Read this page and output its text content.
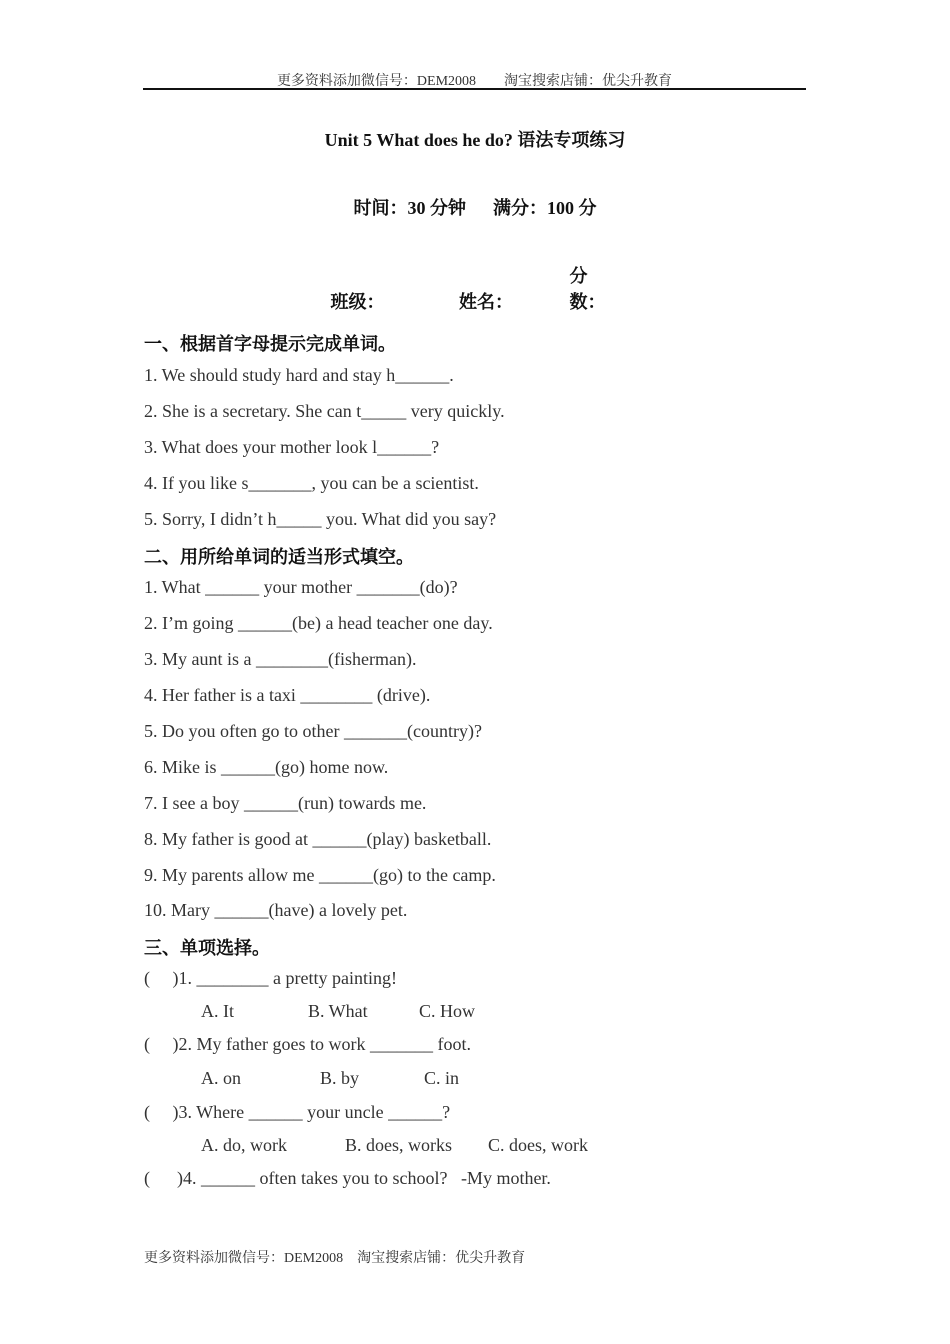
更多资料添加微信号：DEM2008　　淘宝搜索店铺：优尖升教育
Unit 5 What does he do? 语法专项练习
时间：30 分钟 满分：100 分
班级：	姓名： 分数：
一、根据首字母提示完成单词。
1. We should study hard and stay h______.
2. She is a secretary. She can t_____ very quickly.
3. What does your mother look l______?
4. If you like s_______, you can be a scientist.
5. Sorry, I didn’t h_____ you. What did you say?
二、用所给单词的适当形式填空。
1. What ______ your mother _______(do)?
2. I’m going ______(be) a head teacher one day.
3. My aunt is a ________(fisherman).
4. Her father is a taxi ________ (drive).
5. Do you often go to other _______(country)?
6. Mike is ______(go) home now.
7. I see a boy ______(run) towards me.
8. My father is good at ______(play) basketball.
9. My parents allow me ______(go) to the camp.
10. Mary ______(have) a lovely pet.
三、单项选择。
(     )1. ________ a pretty painting!
A. It	B. What	C. How
(     )2. My father goes to work _______ foot.
A. on	B. by	C. in
(     )3. Where ______ your uncle ______?
A. do, work	B. does, works C. does, work
(      )4. ______ often takes you to school?   -My mother.
更多资料添加微信号：DEM2008　淘宝搜索店铺：优尖升教育
